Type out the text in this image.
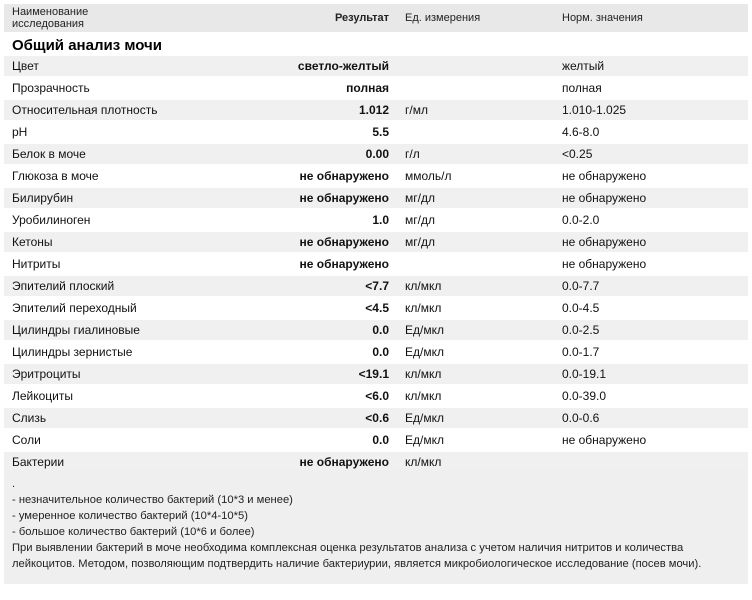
Наименование исследования	Результат	Ед. измерения	Норм. значения
Общий анализ мочи			
Цвет	светло-желтый		желтый
Прозрачность	полная		полная
Относительная плотность	1.012	г/мл	1.010-1.025
pH	5.5		4.6-8.0
Белок в моче	0.00	г/л	<0.25
Глюкоза в моче	не обнаружено	ммоль/л	не обнаружено
Билирубин	не обнаружено	мг/дл	не обнаружено
Уробилиноген	1.0	мг/дл	0.0-2.0
Кетоны	не обнаружено	мг/дл	не обнаружено
Нитриты	не обнаружено		не обнаружено
Эпителий плоский	<7.7	кл/мкл	0.0-7.7
Эпителий переходный	<4.5	кл/мкл	0.0-4.5
Цилиндры гиалиновые	0.0	Ед/мкл	0.0-2.5
Цилиндры зернистые	0.0	Ед/мкл	0.0-1.7
Эритроциты	<19.1	кл/мкл	0.0-19.1
Лейкоциты	<6.0	кл/мкл	0.0-39.0
Слизь	<0.6	Ед/мкл	0.0-0.6
Соли	0.0	Ед/мкл	не обнаружено
Бактерии	не обнаружено	кл/мкл	
.
- незначительное количество бактерий (10*3 и менее)
- умеренное количество бактерий (10*4-10*5)
- большое количество бактерий (10*6 и более)
При выявлении бактерий в моче необходима комплексная оценка результатов анализа с учетом наличия нитритов и количества лейкоцитов. Методом, позволяющим подтвердить наличие бактериурии, является микробиологическое исследование (посев мочи).
